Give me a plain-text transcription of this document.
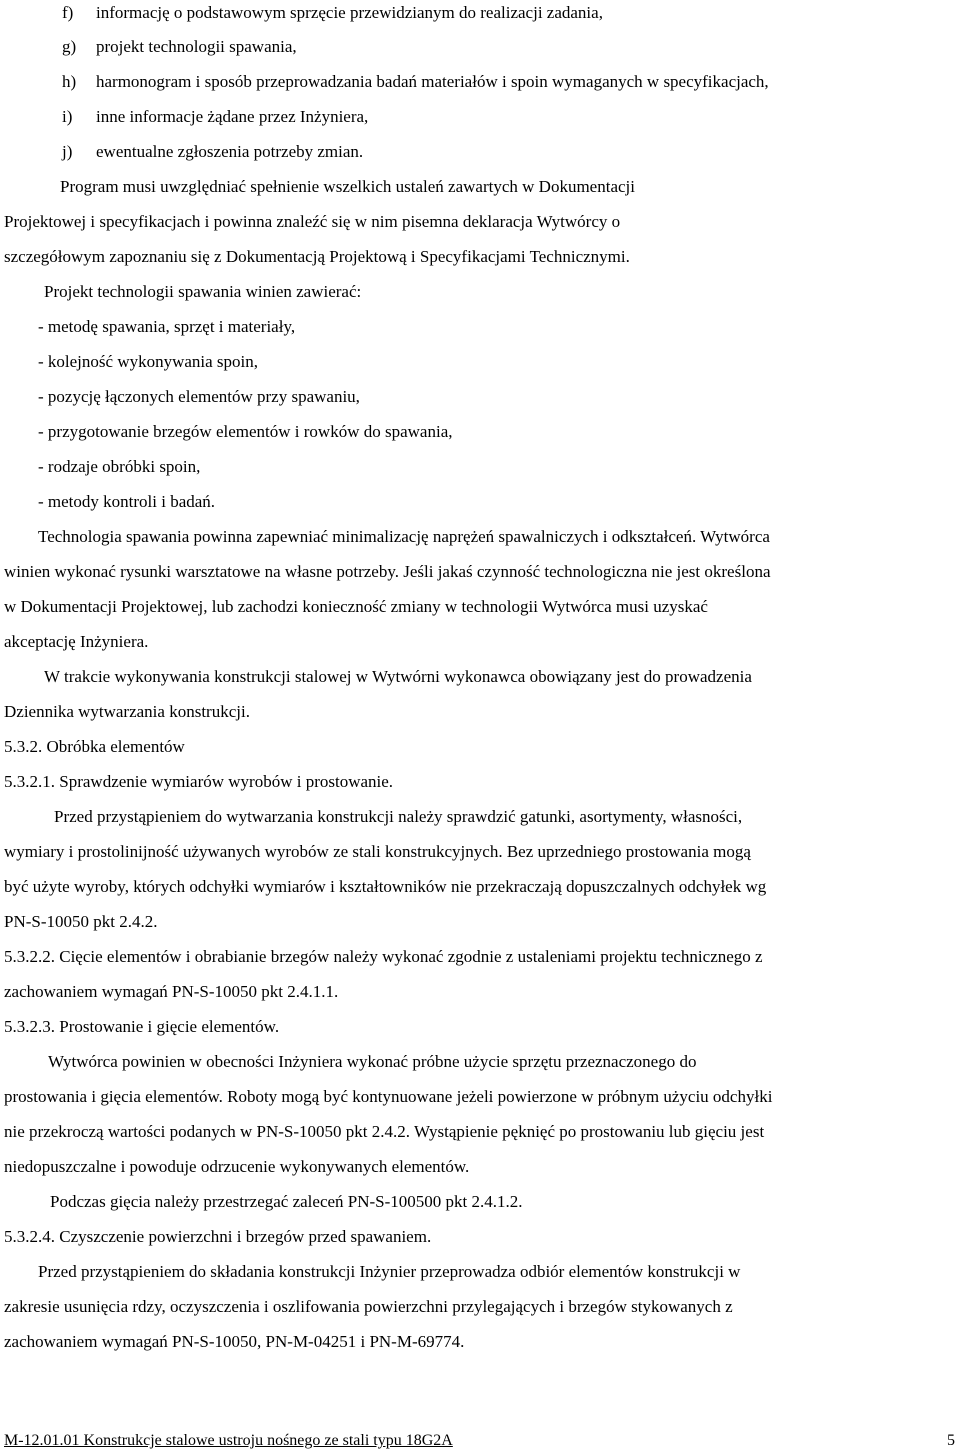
f) informację o podstawowym sprzęcie przewidzianym do realizacji zadania,
g) projekt technologii spawania,
h) harmonogram i sposób przeprowadzania badań materiałów i spoin wymaganych w specyfikacjach,
i) inne informacje żądane przez Inżyniera,
j) ewentualne zgłoszenia potrzeby zmian.
Program musi uwzględniać spełnienie wszelkich ustaleń zawartych w Dokumentacji
Projektowej i specyfikacjach i powinna znaleźć się w nim pisemna deklaracja Wytwórcy o
szczegółowym zapoznaniu się z Dokumentacją Projektową i Specyfikacjami Technicznymi.
Projekt technologii spawania winien zawierać:
- metodę spawania, sprzęt i materiały,
- kolejność wykonywania spoin,
- pozycję łączonych elementów przy spawaniu,
- przygotowanie brzegów elementów i rowków do spawania,
- rodzaje obróbki spoin,
- metody kontroli i badań.
Technologia spawania powinna zapewniać minimalizację naprężeń spawalniczych i odkształceń. Wytwórca
winien wykonać rysunki warsztatowe na własne potrzeby. Jeśli jakaś czynność technologiczna nie jest określona
w Dokumentacji Projektowej, lub zachodzi konieczność zmiany w technologii Wytwórca musi uzyskać
akceptację Inżyniera.
W trakcie wykonywania konstrukcji stalowej w Wytwórni wykonawca obowiązany jest do prowadzenia
Dziennika wytwarzania konstrukcji.
5.3.2. Obróbka elementów
5.3.2.1. Sprawdzenie wymiarów wyrobów i prostowanie.
Przed przystąpieniem do wytwarzania konstrukcji należy sprawdzić gatunki, asortymenty, własności,
wymiary i prostolinijność używanych wyrobów ze stali konstrukcyjnych. Bez uprzedniego prostowania mogą
być użyte wyroby, których odchyłki wymiarów i kształtowników nie przekraczają dopuszczalnych odchyłek wg
PN-S-10050 pkt 2.4.2.
5.3.2.2. Cięcie elementów i obrabianie brzegów należy wykonać zgodnie z ustaleniami projektu technicznego z
zachowaniem wymagań PN-S-10050 pkt 2.4.1.1.
5.3.2.3. Prostowanie i gięcie elementów.
Wytwórca powinien w obecności Inżyniera wykonać próbne użycie sprzętu przeznaczonego do
prostowania i gięcia elementów. Roboty mogą być kontynuowane jeżeli powierzone w próbnym użyciu odchyłki
nie przekroczą wartości podanych w PN-S-10050 pkt 2.4.2. Wystąpienie pęknięć po prostowaniu lub gięciu jest
niedopuszczalne i powoduje odrzucenie wykonywanych elementów.
Podczas gięcia należy przestrzegać zaleceń PN-S-100500 pkt 2.4.1.2.
5.3.2.4. Czyszczenie powierzchni i brzegów przed spawaniem.
Przed przystąpieniem do składania konstrukcji Inżynier przeprowadza odbiór elementów konstrukcji w
zakresie usunięcia rdzy, oczyszczenia i oszlifowania powierzchni przylegających i brzegów stykowanych z
zachowaniem wymagań PN-S-10050, PN-M-04251 i PN-M-69774.
M-12.01.01 Konstrukcje stalowe ustroju nośnego ze stali typu 18G2A	5
